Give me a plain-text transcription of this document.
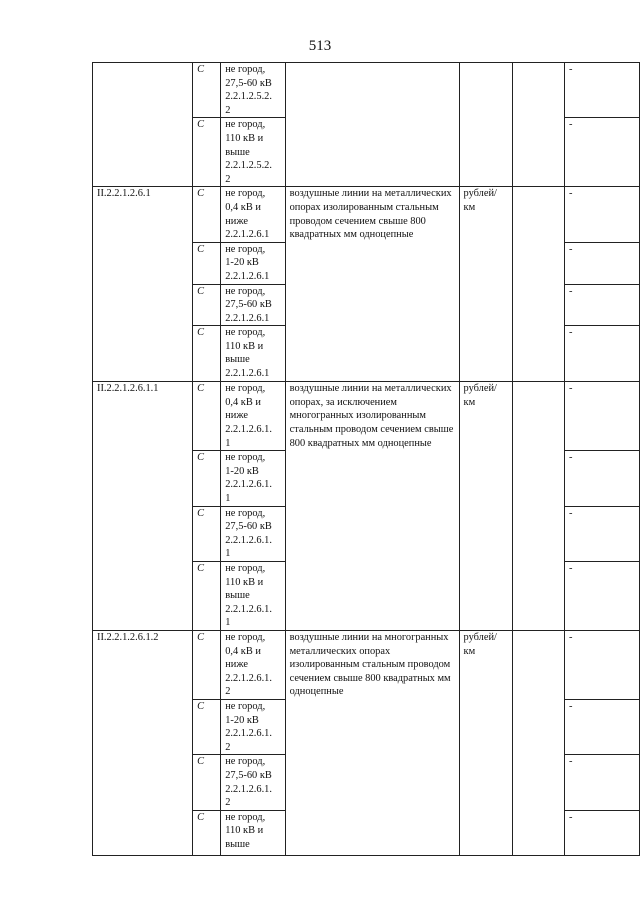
513
	С	не город,
27,5-60 кВ
2.2.1.2.5.2.
2				-
	С	не город,
110 кВ и
выше
2.2.1.2.5.2.
2				-
II.2.2.1.2.6.1	С	не город,
0,4 кВ и
ниже
2.2.1.2.6.1	воздушные линии на металлических опорах изолированным стальным проводом сечением свыше 800 квадратных мм одноцепные	рублей/ км		-
	С	не город,
1-20 кВ
2.2.1.2.6.1				-
	С	не город,
27,5-60 кВ
2.2.1.2.6.1				-
	С	не город,
110 кВ и
выше
2.2.1.2.6.1				-
II.2.2.1.2.6.1.1	С	не город,
0,4 кВ и
ниже
2.2.1.2.6.1.
1	воздушные линии на металлических опорах, за исключением многогранных изолированным стальным проводом сечением свыше 800 квадратных мм одноцепные	рублей/ км		-
	С	не город,
1-20 кВ
2.2.1.2.6.1.
1				-
	С	не город,
27,5-60 кВ
2.2.1.2.6.1.
1				-
	С	не город,
110 кВ и
выше
2.2.1.2.6.1.
1				-
II.2.2.1.2.6.1.2	С	не город,
0,4 кВ и
ниже
2.2.1.2.6.1.
2	воздушные линии на многогранных металлических опорах изолированным стальным проводом сечением свыше 800 квадратных мм одноцепные	рублей/ км		-
	С	не город,
1-20 кВ
2.2.1.2.6.1.
2				-
	С	не город,
27,5-60 кВ
2.2.1.2.6.1.
2				-
	С	не город,
110 кВ и
выше				-
